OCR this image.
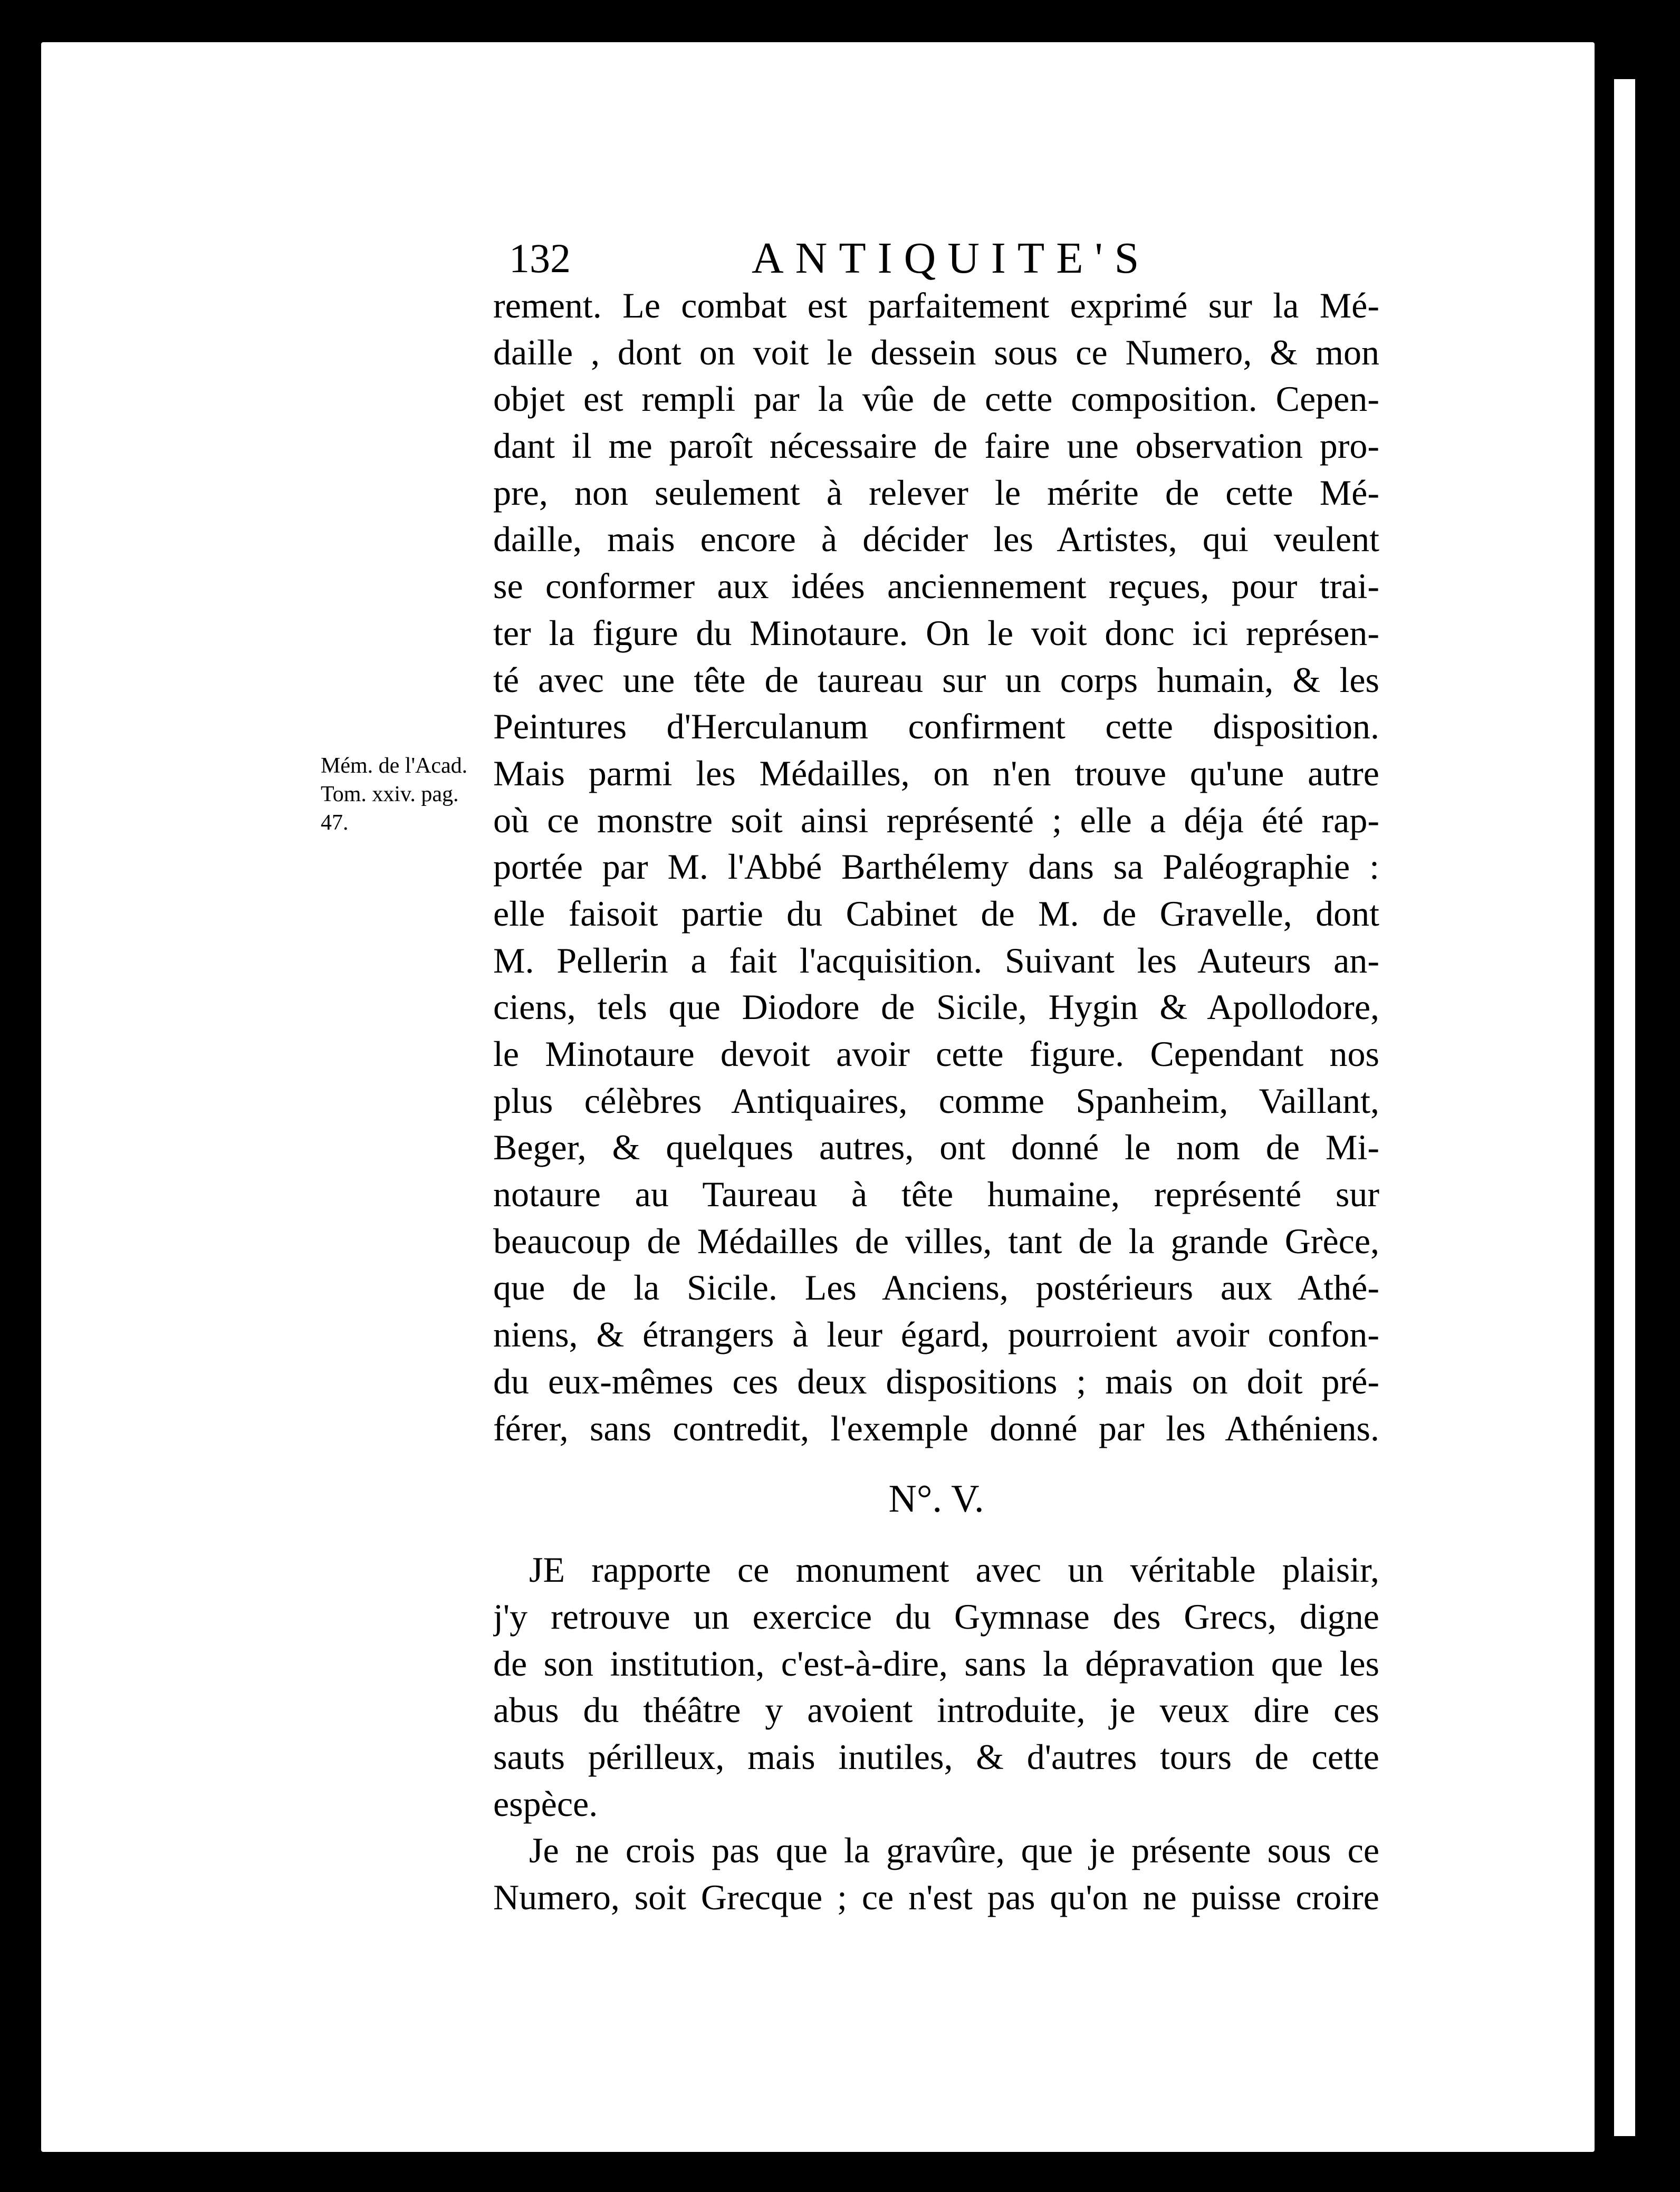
132	ANTIQUITE'S
Mém. de l'Acad.
Tom. xxiv. pag.
47.
rement. Le combat est parfaitement exprimé sur la Mé-
daille , dont on voit le dessein sous ce Numero, & mon
objet est rempli par la vûe de cette composition. Cepen-
dant il me paroît nécessaire de faire une observation pro-
pre, non seulement à relever le mérite de cette Mé-
daille, mais encore à décider les Artistes, qui veulent
se conformer aux idées anciennement reçues, pour trai-
ter la figure du Minotaure. On le voit donc ici représen-
té avec une tête de taureau sur un corps humain, & les
Peintures d'Herculanum confirment cette disposition.
Mais parmi les Médailles, on n'en trouve qu'une autre
où ce monstre soit ainsi représenté ; elle a déja été rap-
portée par M. l'Abbé Barthélemy dans sa Paléographie :
elle faisoit partie du Cabinet de M. de Gravelle, dont
M. Pellerin a fait l'acquisition. Suivant les Auteurs an-
ciens, tels que Diodore de Sicile, Hygin & Apollodore,
le Minotaure devoit avoir cette figure. Cependant nos
plus célèbres Antiquaires, comme Spanheim, Vaillant,
Beger, & quelques autres, ont donné le nom de Mi-
notaure au Taureau à tête humaine, représenté sur
beaucoup de Médailles de villes, tant de la grande Grèce,
que de la Sicile. Les Anciens, postérieurs aux Athé-
niens, & étrangers à leur égard, pourroient avoir confon-
du eux-mêmes ces deux dispositions ; mais on doit pré-
férer, sans contredit, l'exemple donné par les Athéniens.
N°. V.
JE rapporte ce monument avec un véritable plaisir,
j'y retrouve un exercice du Gymnase des Grecs, digne
de son institution, c'est-à-dire, sans la dépravation que les
abus du théâtre y avoient introduite, je veux dire ces
sauts périlleux, mais inutiles, & d'autres tours de cette
espèce.
Je ne crois pas que la gravûre, que je présente sous ce
Numero, soit Grecque ; ce n'est pas qu'on ne puisse croire
